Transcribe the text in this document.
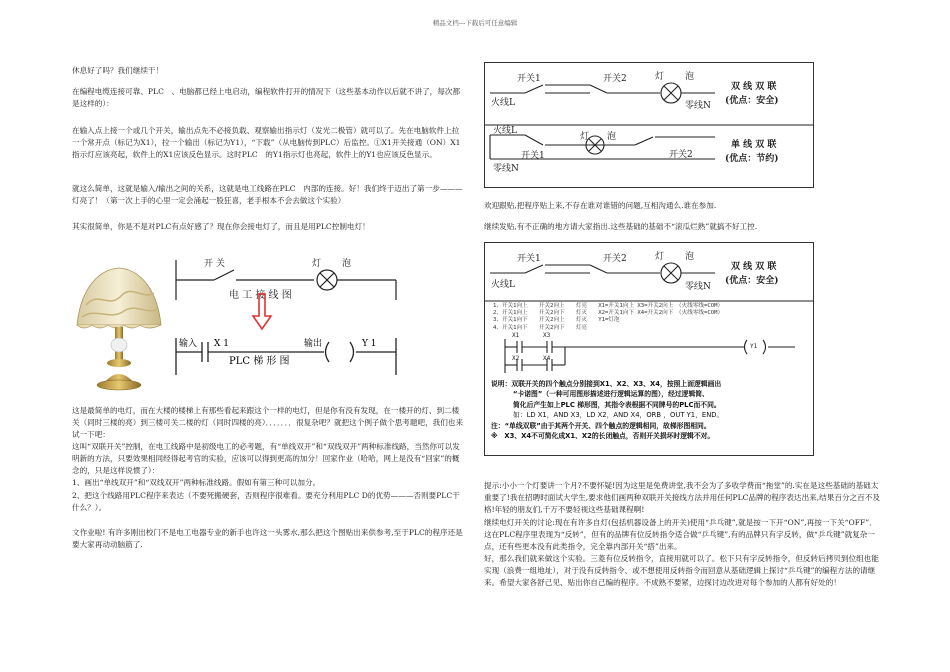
精品文档---下载后可任意编辑

休息好了吗？我们继续干！

在编程电缆连接可靠、PLC　、电脑都已经上电启动，编程软件打开的情况下（这些基本动作以后就不讲了，每次都是这样的）：

在输入点上接一个或几个开关，输出点先不必接负载、观察输出指示灯（发光二极管）就可以了。先在电脑软件上拉一个常开点（标记为X1），拉一个输出（标记为Y1），“下载”（从电脑传到PLC）后监控。①X1开关接通（ON）X1指示灯应该亮起，软件上的X1应该反色显示。这时PLC　的Y1指示灯也亮起，软件上的Y1也应该反色显示。

就这么简单，这就是输入/输出之间的关系，这就是电工线路在PLC　内部的连接。好！我们终于迈出了第一步———灯亮了！（第一次上手的心里一定会涌起一股狂喜，老手根本不会去做这个实验）

其实很简单，你是不是对PLC有点好感了？现在你会接电灯了，而且是用PLC控制电灯！

这是最简单的电灯，而在大楼的楼梯上有那些看起来跟这个一样的电灯，但是你有没有发现，在一楼开的灯、到二楼关（同时三楼的亮）到三楼可关二楼的灯（同时四楼的亮）．．．．．．．很复杂吧？就把这个例子做个思考题吧，我们也来试一下吧：

这叫“双联开关”控制，在电工线路中是初级电工的必考题，有“单线双开”和“双线双开”两种标准线路，当然你可以发明新的方法，只要效果相同经得起考官的实验，应该可以得到更高的加分！回家作业（哈哈，网上是没有“回家”的概念的，只是这样说惯了）：

1、画出“单线双开”和“双线双开”两种标准线路。假如有第三种可以加分。

2、把这个线路用PLC程序来表达（不要死搬硬套，否则程序很难看。要充分利用PLC D的优势———否则要PLC干什么？）。

文作业啦! 有许多刚出校门不是电工电器专业的新手也许这一头雾水,那么把这个图贴出来供参考,至于PLC的程序还是要大家再动动脑筋了.

开 关	灯 泡
电 工 接 线 图
输入 X 1	输出	Y 1
PLC 梯 形 图
开关1	开关2	灯 泡
火线L	零线N
双 线 双 联
(优点：安全)
火线L
开关1
灯 泡
开关2
零线N
单 线 双 联
(优点：节约)

欢迎跟贴,把程序贴上来,不存在谁对谁错的问题,互相沟通么.谁在参加.

继续发贴,有不正确的地方请大家指出.这些基础的基础不“滚瓜烂熟”就搞不好工控.

提示:小小一个灯要讲一个月?不要怀疑!因为这里是免费讲堂,我不会为了多收学费而“拖堂”的.实在是这些基础的基础太重要了!我在招聘时面试大学生,要求他们画两种双联开关接线方法并用任何PLC品牌的程序表达出来,结果百分之百不及格!年轻的朋友们,千万不要轻视这些基础课程啊!

继续电灯开关的讨论:现在有许多自灯(包括机器设备上的开关)使用“乒乓键”,就是按一下开“ON”,再按一下关“OFF”．这在PLC程序里表现为“反转”，但有的品牌有位反转指令适合做“乒乓键”,有的品牌只有字反转，做“乒乓键”就复杂一点，还有些更本没有此类指令，完全靠内部开关“搭”出来。

好，那么我们就来做这个实验。三菱有位反转指令，直接用就可以了。松下只有字反转指令，但反转后拷贝到位组也能实现（浪费一组地址），对于没有反转指令、或不想使用反转指令而回意从基础逻辑上探讨“乒乓键”的编程方法的请继来。希望大家各舒己见、贴出你自己编的程序。不成熟不要紧，边探讨边改进对每个参加的人都有好处的！

开关1	开关2	灯 泡
火线L	零线N
双 线 双 联
(优点：安全)
1、开关1向上　　开关2向上　　灯亮　　X1=开关1向上 X3=开关2向上　（火线零线=COM）
2、开关1向上　　开关2向下　　灯灭　　X2=开关1向下 X4=开关2向下　（火线零线=COM）
3、开关1向下　　开关2向上　　灯灭　　Y1=灯泡
4、开关1向下　　开关2向下　　灯亮
X1	X3
X2	X4
Y1
说明：双联开关的四个触点分别接到X1、X2、X3、X4，按照上面逻辑画出
“卡诺图”（一种可用图形描述进行逻辑运算的图），经过逻辑简、
简化后产生如上PLC 梯形图，其指令表根据不同牌号的PLC而不同。
如：LD X1，AND X3，LD X2，AND X4，ORB ，OUT Y1，END。
注：“单线双联”由于其两个开关、四个触点的逻辑相同，故梯形图相同。
※　X3、X4不可简化成X1、X2的长闭触点，否则开关损坏时逻辑不对。
